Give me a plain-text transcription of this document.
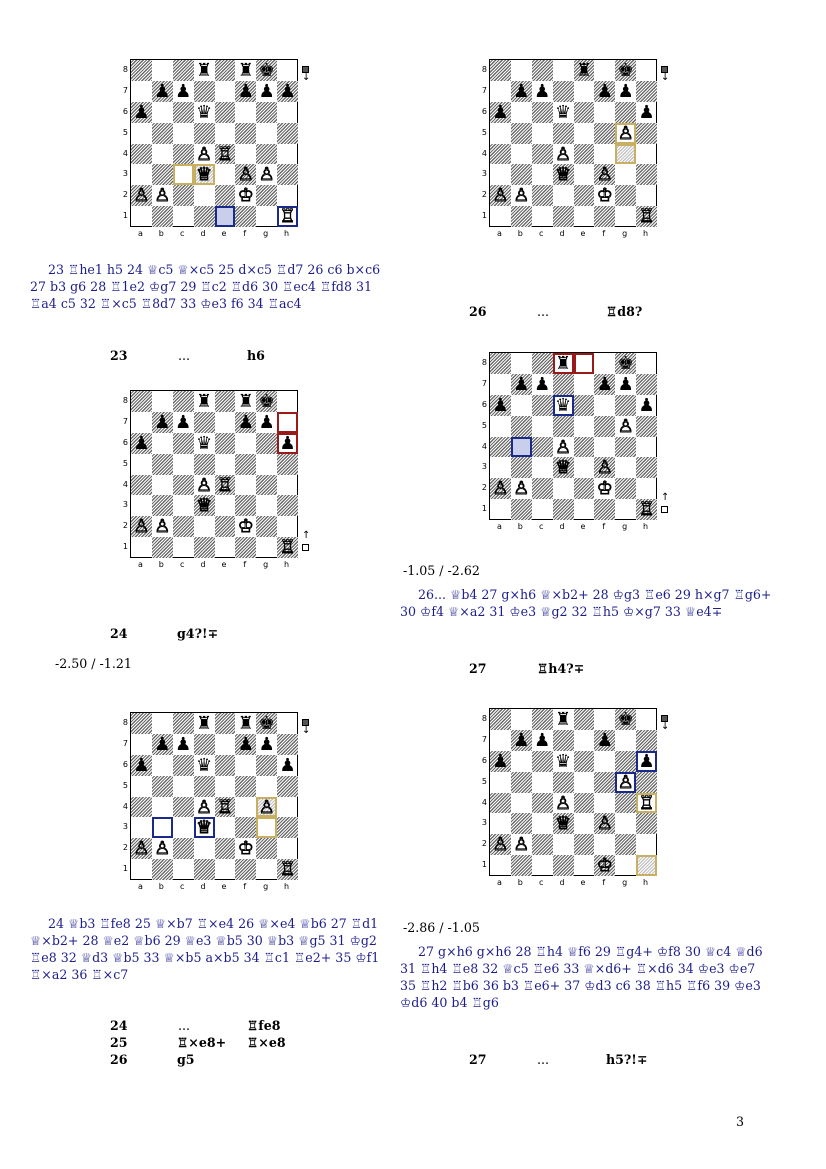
♜ ♜ ♚
♟ ♟	♟ ♟ ♟
♟	♛
♙ ♖
♕ ♙ ♙
♙ ♙	♔
♖
♜ ♜ ♚
♟ ♟	♟ ♟
♟	♛	♟
♙ ♖
♕
♙ ♙	♔
♖
♜ ♜ ♚
♟ ♟	♟ ♟
♟	♛	♟
♙ ♖ ♙
♕
♙ ♙	♔
♖
♜ ♚
♟ ♟	♟ ♟
♟	♛	♟
♙
♙
♕ ♙
♙ ♙	♔
♖
♜	♚
♟ ♟	♟ ♟
♟	♛	♟
♙
♙
♕ ♙
♙ ♙	♔
♖
♜	♚
♟ ♟	♟
♟	♛	♟
♙
♙	♖
♕ ♙
♙ ♙
♔
23 ♖he1 h5 24 ♕c5 ♕×c5 25 d×c5 ♖d7 26 c6 b×c6 27 b3 g6 28 ♖1e2 ♔g7 29 ♖c2 ♖d6 30 ♖ec4 ♖fd8 31 ♖a4 c5 32 ♖×c5 ♖8d7 33 ♔e3 f6 34 ♖ac4
23	...	h6
24	g4?!∓
-2.50 / -1.21
24 ♕b3 ♖fe8 25 ♕×b7 ♖×e4 26 ♕×e4 ♕b6 27 ♖d1 ♕×b2+ 28 ♕e2 ♕b6 29 ♕e3 ♕b5 30 ♕b3 ♕g5 31 ♔g2 ♖e8 32 ♕d3 ♕b5 33 ♕×b5 a×b5 34 ♖c1 ♖e2+ 35 ♔f1 ♖×a2 36 ♖×c7
24	...	♖fe8
25	♖×e8+ ♖×e8
26	g5
26	...	♖d8?
-1.05 / -2.62
26... ♕b4 27 g×h6 ♕×b2+ 28 ♔g3 ♖e6 29 h×g7 ♖g6+ 30 ♔f4 ♕×a2 31 ♔e3 ♕g2 32 ♖h5 ♔×g7 33 ♕e4∓
27	♖h4?∓
-2.86 / -1.05
27 g×h6 g×h6 28 ♖h4 ♕f6 29 ♖g4+ ♔f8 30 ♕c4 ♕d6 31 ♖h4 ♖e8 32 ♕c5 ♖e6 33 ♕×d6+ ♖×d6 34 ♔e3 ♔e7 35 ♖h2 ♖b6 36 b3 ♖e6+ 37 ♔d3 c6 38 ♖h5 ♖f6 39 ♔e3 ♔d6 40 b4 ♖g6
27	...	h5?!∓
3
8
7
6
5
4
3
2
1
a	b	c	d	e	f	g	h
↓
8
7
6
5
4
3
2
1
a	b	c	d	e	f	g	h
↑
8
7
6
5
4
3
2
1
a	b	c	d	e	f	g	h
↓
8
7
6
5
4
3
2
1
a	b	c	d	e	f	g	h
↓
8
7
6
5
4
3
2
1
a	b	c	d	e	f	g	h
↑
8
7
6
5
4
3
2
1
a	b	c	d	e	f	g	h
↓
